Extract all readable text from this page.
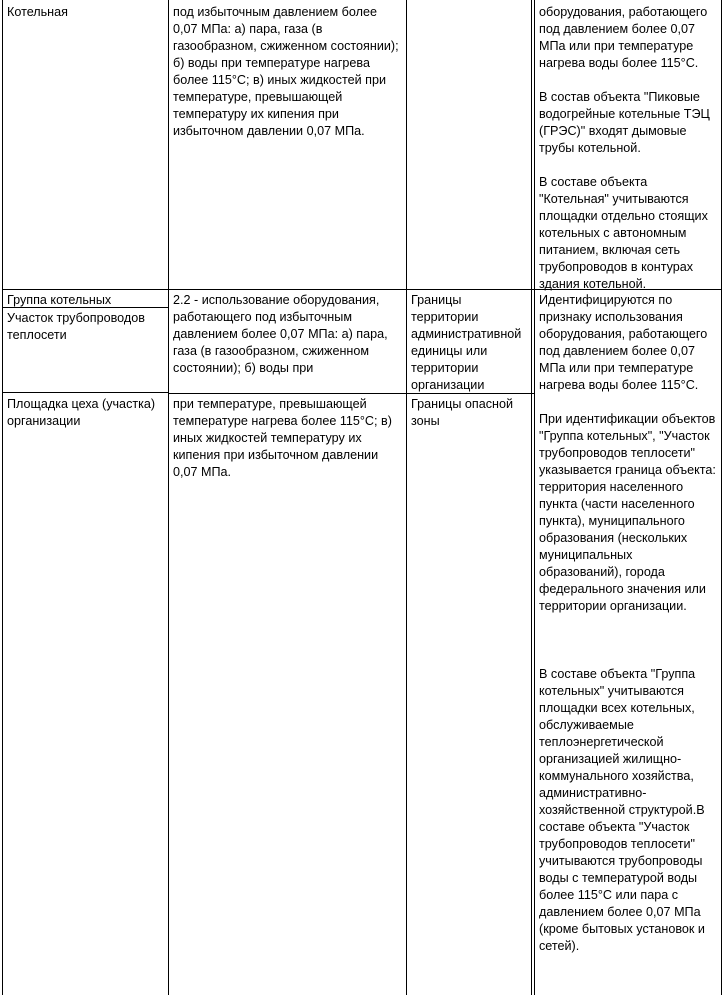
Котельная	под избыточным давлением более 0,07 МПа: а) пара, газа (в газообразном, сжиженном состоянии); б) воды при температуре нагрева более 115°С; в) иных жидкостей при температуре, превышающей температуру их кипения при избыточном давлении 0,07 МПа.

оборудования, работающего под давлением более 0,07 МПа или при температуре нагрева воды более 115°С.

В состав объекта "Пиковые водогрейные котельные ТЭЦ (ГРЭС)" входят дымовые трубы котельной.

В составе объекта "Котельная" учитываются площадки отдельно стоящих котельных с автономным питанием, включая сеть трубопроводов в контурах здания котельной.

Группа котельных

Участок трубопроводов теплосети

Площадка цеха (участка) организации

2.2 - использование оборудования, работающего под избыточным давлением более 0,07 МПа: а) пара, газа (в газообразном, сжиженном состоянии); б) воды при

при температуре, превышающей температуре нагрева более 115°С; в) иных жидкостей температуру их кипения при избыточном давлении 0,07 МПа.

Границы территории административной единицы или территории организации

Границы опасной зоны

Идентифицируются по признаку использования оборудования, работающего под давлением более 0,07 МПа или при температуре нагрева воды более 115°С.

При идентификации объектов "Группа котельных", "Участок трубопроводов теплосети" указывается граница объекта: территория населенного пункта (части населенного пункта), муниципального образования (нескольких муниципальных образований), города федерального значения или территории организации.

В составе объекта "Группа котельных" учитываются площадки всех котельных, обслуживаемые теплоэнергетической организацией жилищно-коммунального хозяйства, административно-хозяйственной структурой.В составе объекта "Участок трубопроводов теплосети" учитываются трубопроводы воды с температурой воды более 115°С или пара с давлением более 0,07 МПа (кроме бытовых установок и сетей).
